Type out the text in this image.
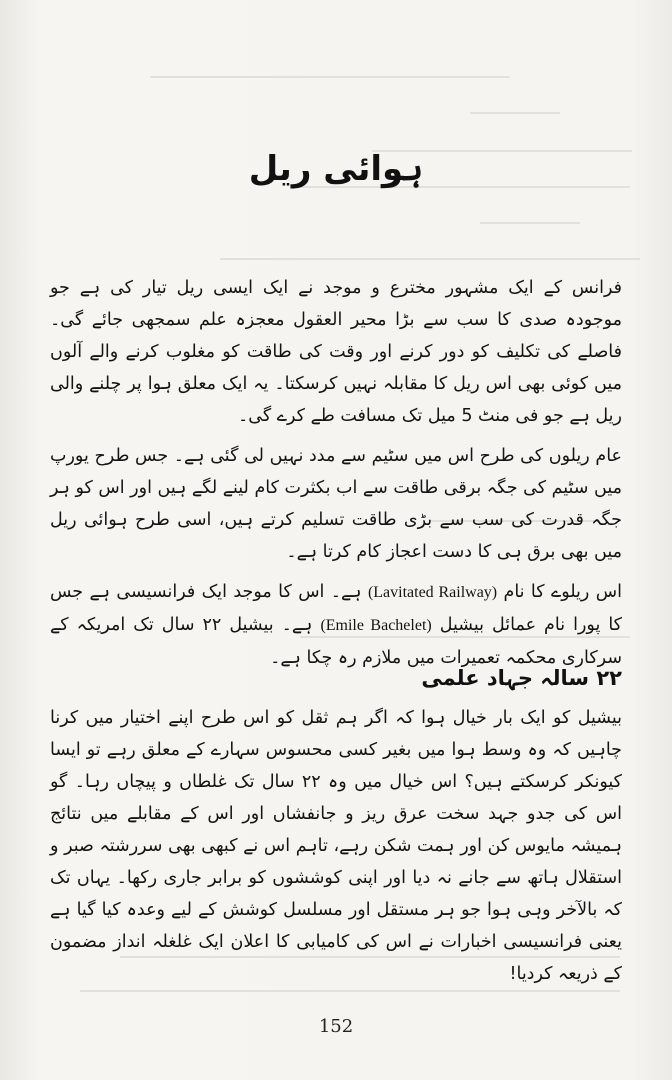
ہوائی ریل

فرانس کے ایک مشہور مخترع و موجد نے ایک ایسی ریل تیار کی ہے جو موجودہ صدی کا سب سے بڑا محیر العقول معجزہ علم سمجھی جائے گی۔ فاصلے کی تکلیف کو دور کرنے اور وقت کی طاقت کو مغلوب کرنے والے آلوں میں کوئی بھی اس ریل کا مقابلہ نہیں کرسکتا۔ یہ ایک معلق ہوا پر چلنے والی ریل ہے جو فی منٹ 5 میل تک مسافت طے کرے گی۔

عام ریلوں کی طرح اس میں سٹیم سے مدد نہیں لی گئی ہے۔ جس طرح یورپ میں سٹیم کی جگہ برقی طاقت سے اب بکثرت کام لینے لگے ہیں اور اس کو ہر جگہ قدرت کی سب سے بڑی طاقت تسلیم کرتے ہیں، اسی طرح ہوائی ریل میں بھی برق ہی کا دست اعجاز کام کرتا ہے۔

اس ریلوے کا نام (Lavitated Railway) ہے۔ اس کا موجد ایک فرانسیسی ہے جس کا پورا نام عمائل بیشیل (Emile Bachelet) ہے۔ بیشیل ۲۲ سال تک امریکہ کے سرکاری محکمہ تعمیرات میں ملازم رہ چکا ہے۔

۲۲ سالہ جہاد علمی

بیشیل کو ایک بار خیال ہوا کہ اگر ہم ثقل کو اس طرح اپنے اختیار میں کرنا چاہیں کہ وہ وسط ہوا میں بغیر کسی محسوس سہارے کے معلق رہے تو ایسا کیونکر کرسکتے ہیں؟ اس خیال میں وہ ۲۲ سال تک غلطاں و پیچاں رہا۔ گو اس کی جدو جہد سخت عرق ریز و جانفشاں اور اس کے مقابلے میں نتائج ہمیشہ مایوس کن اور ہمت شکن رہے، تاہم اس نے کبھی بھی سررشتہ صبر و استقلال ہاتھ سے جانے نہ دیا اور اپنی کوششوں کو برابر جاری رکھا۔ یہاں تک کہ بالآخر وہی ہوا جو ہر مستقل اور مسلسل کوشش کے لیے وعدہ کیا گیا ہے یعنی فرانسیسی اخبارات نے اس کی کامیابی کا اعلان ایک غلغلہ انداز مضمون کے ذریعہ کردیا!

152
